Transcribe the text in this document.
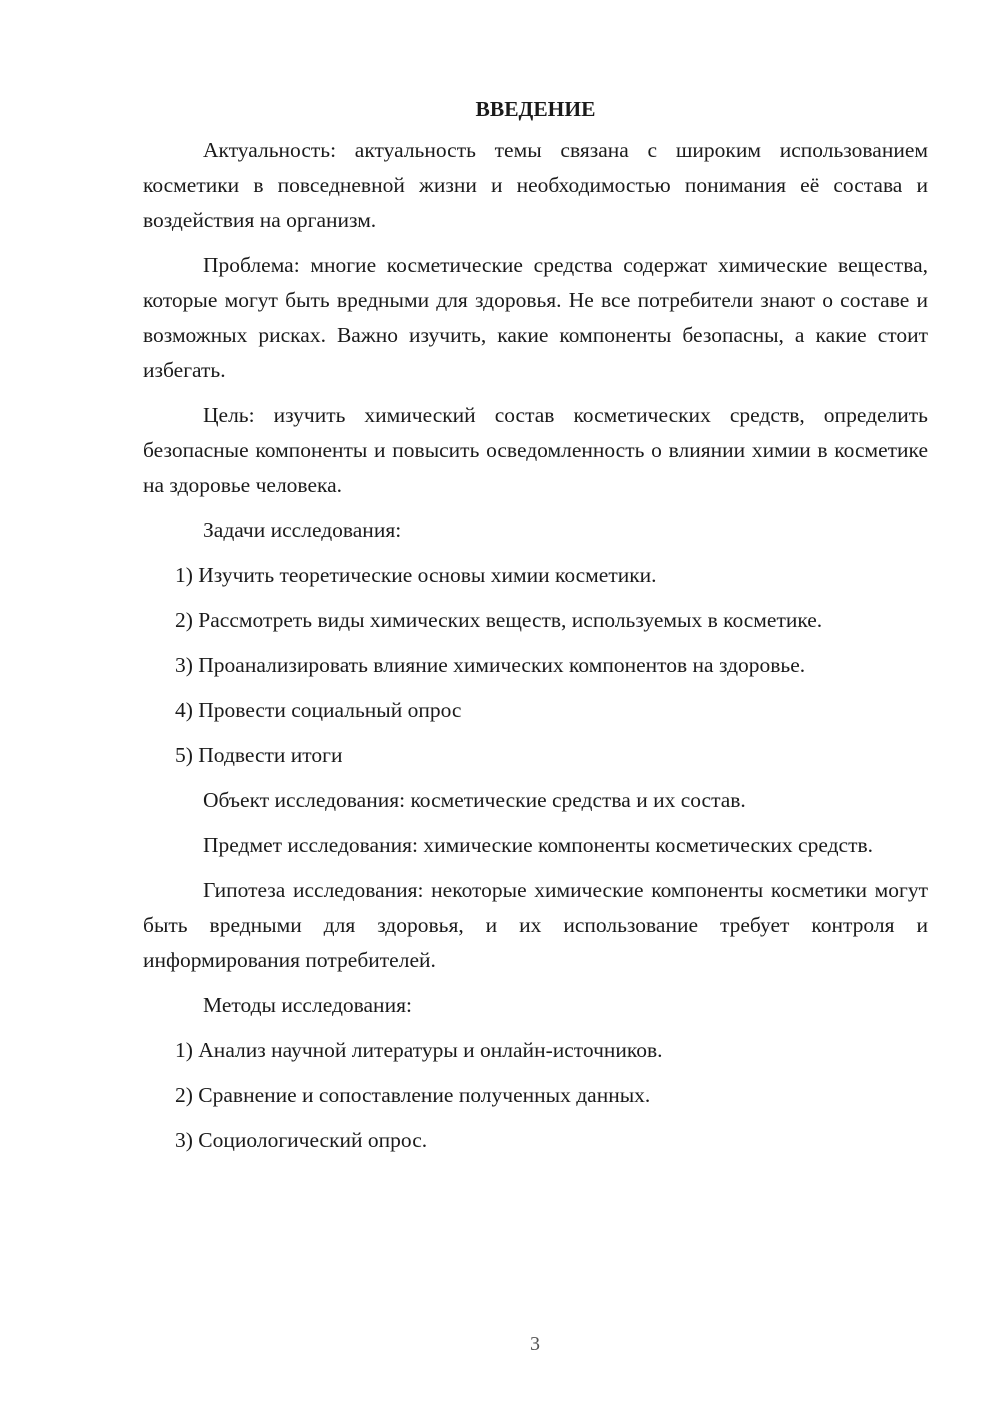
ВВЕДЕНИЕ

Актуальность: актуальность темы связана с широким использованием косметики в повседневной жизни и необходимостью понимания её состава и воздействия на организм.

Проблема: многие косметические средства содержат химические вещества, которые могут быть вредными для здоровья. Не все потребители знают о составе и возможных рисках. Важно изучить, какие компоненты безопасны, а какие стоит избегать.

Цель: изучить химический состав косметических средств, определить безопасные компоненты и повысить осведомленность о влиянии химии в косметике на здоровье человека.

Задачи исследования:

1) Изучить теоретические основы химии косметики.
2) Рассмотреть виды химических веществ, используемых в косметике.
3) Проанализировать влияние химических компонентов на здоровье.
4) Провести социальный опрос
5) Подвести итоги

Объект исследования: косметические средства и их состав.

Предмет исследования: химические компоненты косметических средств.

Гипотеза исследования: некоторые химические компоненты косметики могут быть вредными для здоровья, и их использование требует контроля и информирования потребителей.

Методы исследования:

1) Анализ научной литературы и онлайн-источников.
2) Сравнение и сопоставление полученных данных.
3) Социологический опрос.
3
